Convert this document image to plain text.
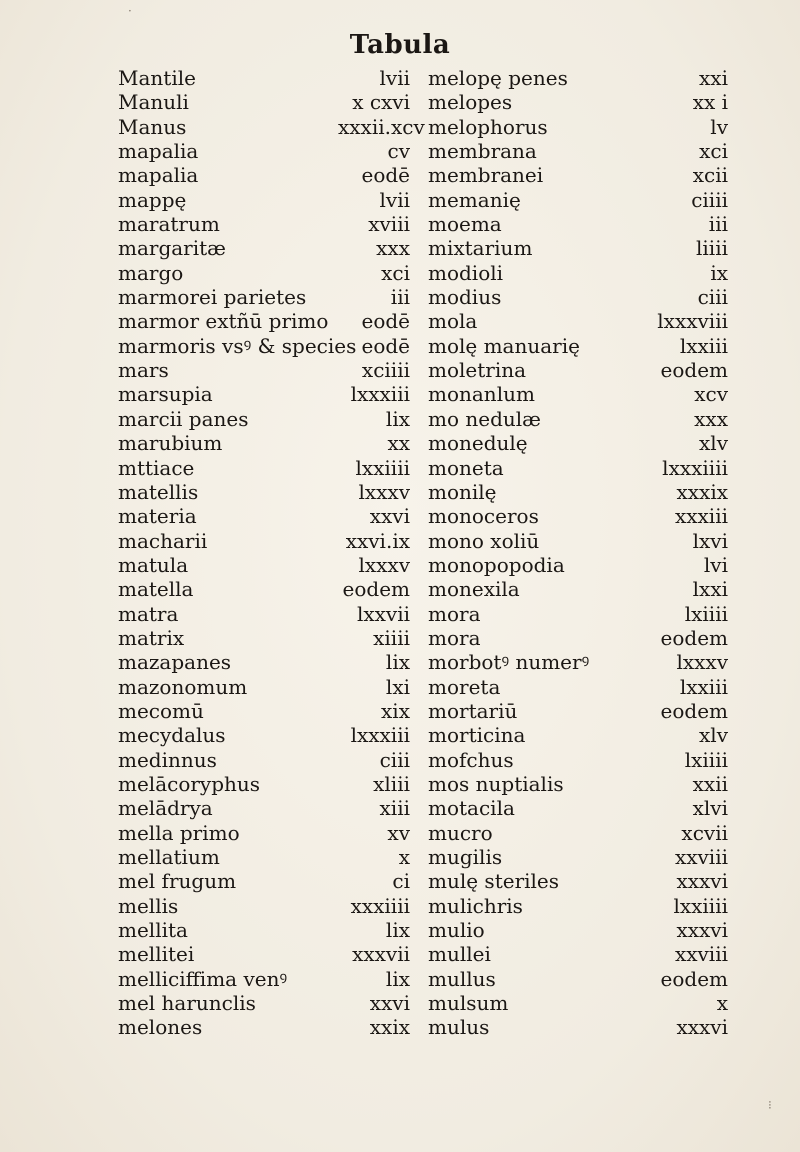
Tabula
Mantile
Manuli
Manus
mapalia
mapalia
mappę
maratrum
margaritæ
margo
marmorei parietes
marmor extñū primo
marmoris vsꝰ & species
mars
marsupia
marcii panes
marubium
mttiace
matellis
materia
macharii
matula
matella
matra
matrix
mazapanes
mazonomum
mecomū
mecydalus
medinnus
melācoryphus
melādrya
mella primo
mellatium
mel frugum
mellis
mellita
mellitei
melliciffima venꝰ
mel harunclis
melones
lvii
x cxvi
xxxii.xcv
cv
eodē
lvii
xviii
xxx
xci
iii
eodē
eodē
xciiii
lxxxiii
lix
xx
lxxiiii
lxxxv
xxvi
xxvi.ix
lxxxv
eodem
lxxvii
xiiii
lix
lxi
xix
lxxxiii
ciii
xliii
xiii
xv
x
ci
xxxiiii
lix
xxxvii
lix
xxvi
xxix
melopę penes
melopes
melophorus
membrana
membranei
memanię
moema
mixtarium
modioli
modius
mola
molę manuarię
moletrina
monanlum
mo nedulæ
monedulę
moneta
monilę
monoceros
mono xoliū
monopopodia
monexila
mora
mora
morbotꝰ numerꝰ
moreta
mortariū
morticina
mofchus
mos nuptialis
motacila
mucro
mugilis
mulę steriles
mulichris
mulio
mullei
mullus
mulsum
mulus
xxi
xx i
lv
xci
xcii
ciiii
iii
liiii
ix
ciii
lxxxviii
lxxiii
eodem
xcv
xxx
xlv
lxxxiiii
xxxix
xxxiii
lxvi
lvi
lxxi
lxiiii
eodem
lxxxv
lxxiii
eodem
xlv
lxiiii
xxii
xlvi
xcvii
xxviii
xxxvi
lxxiiii
xxxvi
xxviii
eodem
x
xxxvi
⁝
·
